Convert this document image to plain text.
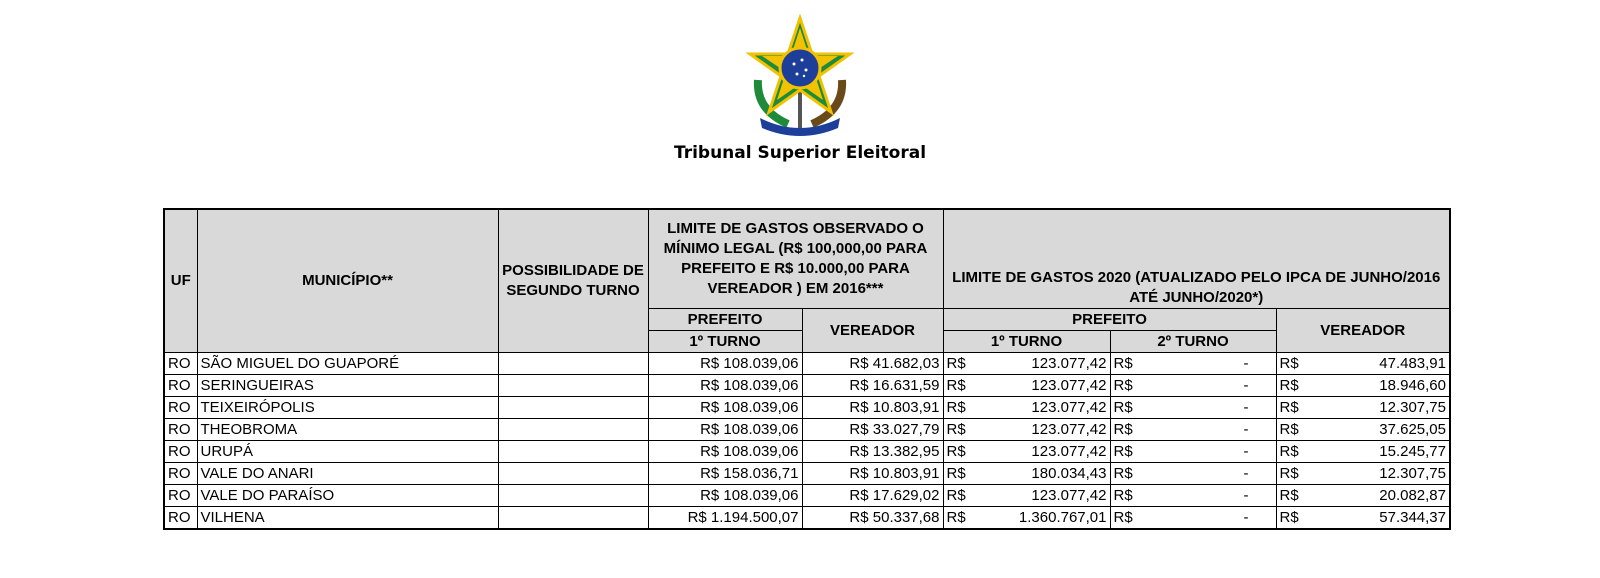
Tribunal Superior Eleitoral
UF	MUNICÍPIO**	POSSIBILIDADE DE SEGUNDO TURNO	LIMITE DE GASTOS OBSERVADO O MÍNIMO LEGAL (R$ 100,000,00 PARA PREFEITO E R$ 10.000,00 PARA VEREADOR ) EM 2016***		LIMITE DE GASTOS 2020 (ATUALIZADO PELO IPCA DE JUNHO/2016 ATÉ JUNHO/2020*)		
			PREFEITO	VEREADOR	PREFEITO		VEREADOR
			1º TURNO		1º TURNO	2º TURNO	
RO	SÃO MIGUEL DO GUAPORÉ		R$ 108.039,06	R$ 41.682,03	R$ 123.077,42	R$ -	R$ 47.483,91

RO	SERINGUEIRAS		R$ 108.039,06	R$ 16.631,59	R$ 123.077,42	R$ -	R$ 18.946,60

RO	TEIXEIRÓPOLIS		R$ 108.039,06	R$ 10.803,91	R$ 123.077,42	R$ -	R$ 12.307,75

RO	THEOBROMA		R$ 108.039,06	R$ 33.027,79	R$ 123.077,42	R$ -	R$ 37.625,05

RO	URUPÁ		R$ 108.039,06	R$ 13.382,95	R$ 123.077,42	R$ -	R$ 15.245,77

RO	VALE DO ANARI		R$ 158.036,71	R$ 10.803,91	R$ 180.034,43	R$ -	R$ 12.307,75

RO	VALE DO PARAÍSO		R$ 108.039,06	R$ 17.629,02	R$ 123.077,42	R$ -	R$ 20.082,87

RO	VILHENA		R$ 1.194.500,07	R$ 50.337,68	R$ 1.360.767,01	R$ -	R$ 57.344,37
